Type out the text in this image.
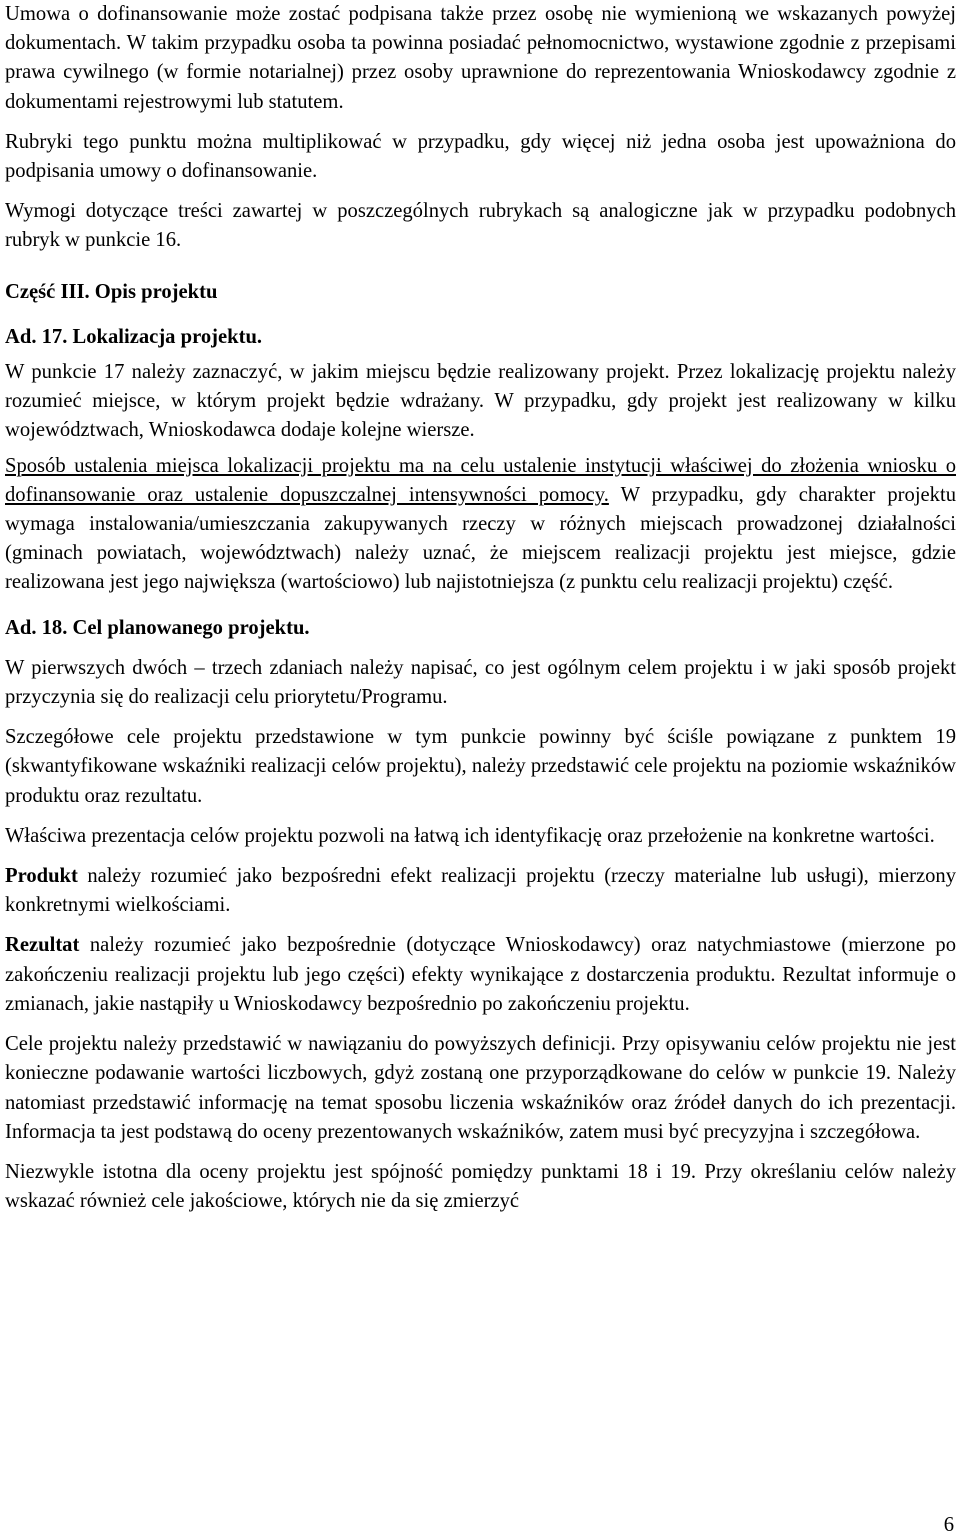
Umowa o dofinansowanie może zostać podpisana także przez osobę nie wymienioną we wskazanych powyżej dokumentach. W takim przypadku osoba ta powinna posiadać pełnomocnictwo, wystawione zgodnie z przepisami prawa cywilnego (w formie notarialnej) przez osoby uprawnione do reprezentowania Wnioskodawcy zgodnie z dokumentami rejestrowymi lub statutem.

Rubryki tego punktu można multiplikować w przypadku, gdy więcej niż jedna osoba jest upoważniona do podpisania umowy o dofinansowanie.

Wymogi dotyczące treści zawartej w poszczególnych rubrykach są analogiczne jak w przypadku podobnych rubryk w punkcie 16.

Część III. Opis projektu
Ad. 17. Lokalizacja projektu.

W punkcie 17 należy zaznaczyć, w jakim miejscu będzie realizowany projekt. Przez lokalizację projektu należy rozumieć miejsce, w którym projekt będzie wdrażany. W przypadku, gdy projekt jest realizowany w kilku województwach, Wnioskodawca dodaje kolejne wiersze.

Sposób ustalenia miejsca lokalizacji projektu ma na celu ustalenie instytucji właściwej do złożenia wniosku o dofinansowanie oraz ustalenie dopuszczalnej intensywności pomocy. W przypadku, gdy charakter projektu wymaga instalowania/umieszczania zakupywanych rzeczy w różnych miejscach prowadzonej działalności (gminach powiatach, województwach) należy uznać, że miejscem realizacji projektu jest miejsce, gdzie realizowana jest jego największa (wartościowo) lub najistotniejsza (z punktu celu realizacji projektu) część.

Ad. 18. Cel planowanego projektu.

W pierwszych dwóch – trzech zdaniach należy napisać, co jest ogólnym celem projektu i w jaki sposób projekt przyczynia się do realizacji celu priorytetu/Programu.

Szczegółowe cele projektu przedstawione w tym punkcie powinny być ściśle powiązane z punktem 19 (skwantyfikowane wskaźniki realizacji celów projektu), należy przedstawić cele projektu na poziomie wskaźników produktu oraz rezultatu.

Właściwa prezentacja celów projektu pozwoli na łatwą ich identyfikację oraz przełożenie na konkretne wartości.

Produkt należy rozumieć jako bezpośredni efekt realizacji projektu (rzeczy materialne lub usługi), mierzony konkretnymi wielkościami.

Rezultat należy rozumieć jako bezpośrednie (dotyczące Wnioskodawcy) oraz natychmiastowe (mierzone po zakończeniu realizacji projektu lub jego części) efekty wynikające z dostarczenia produktu. Rezultat informuje o zmianach, jakie nastąpiły u Wnioskodawcy bezpośrednio po zakończeniu projektu.

Cele projektu należy przedstawić w nawiązaniu do powyższych definicji. Przy opisywaniu celów projektu nie jest konieczne podawanie wartości liczbowych, gdyż zostaną one przyporządkowane do celów w punkcie 19. Należy natomiast przedstawić informację na temat sposobu liczenia wskaźników oraz źródeł danych do ich prezentacji. Informacja ta jest podstawą do oceny prezentowanych wskaźników, zatem musi być precyzyjna i szczegółowa.

Niezwykle istotna dla oceny projektu jest spójność pomiędzy punktami 18 i 19. Przy określaniu celów należy wskazać również cele jakościowe, których nie da się zmierzyć

6
